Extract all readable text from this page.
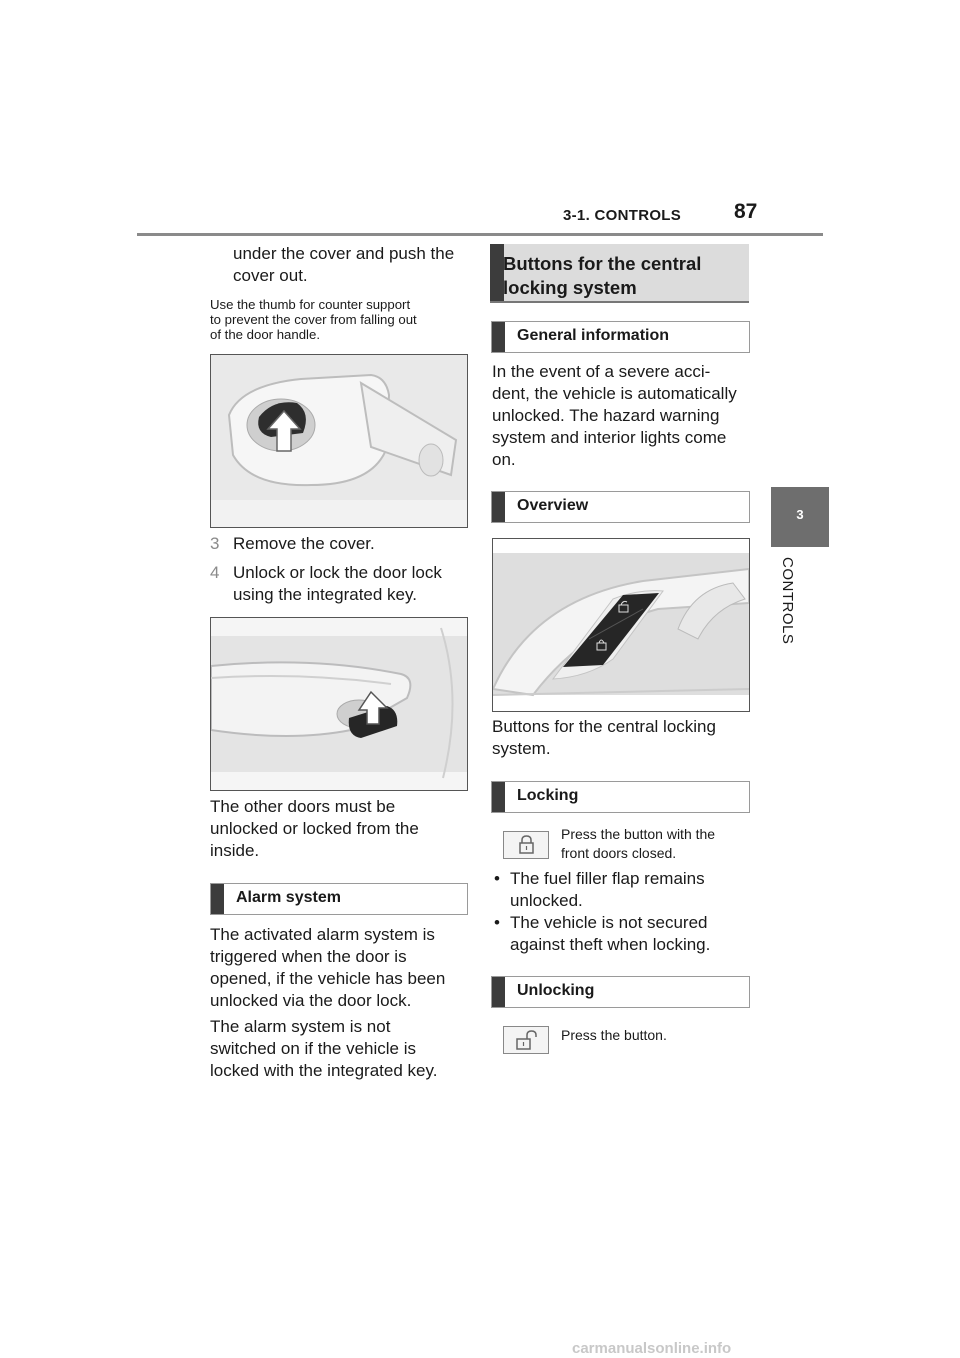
3-1. CONTROLS	87
3
CONTROLS
under the cover and push the
cover out.
Use the thumb for counter support
to prevent the cover from falling out
of the door handle.
3 Remove the cover.
4 Unlock or lock the door lock
using the integrated key.
The other doors must be
unlocked or locked from the
inside.
Alarm system
The activated alarm system is
triggered when the door is
opened, if the vehicle has been
unlocked via the door lock.
The alarm system is not
switched on if the vehicle is
locked with the integrated key.
Buttons for the central
locking system
General information
In the event of a severe acci-
dent, the vehicle is automatically
unlocked. The hazard warning
system and interior lights come
on.
Overview
Buttons for the central locking
system.
Locking
Press the button with the
front doors closed.
• The fuel filler flap remains
unlocked.
• The vehicle is not secured
against theft when locking.
Unlocking
Press the button.
carmanualsonline.info
